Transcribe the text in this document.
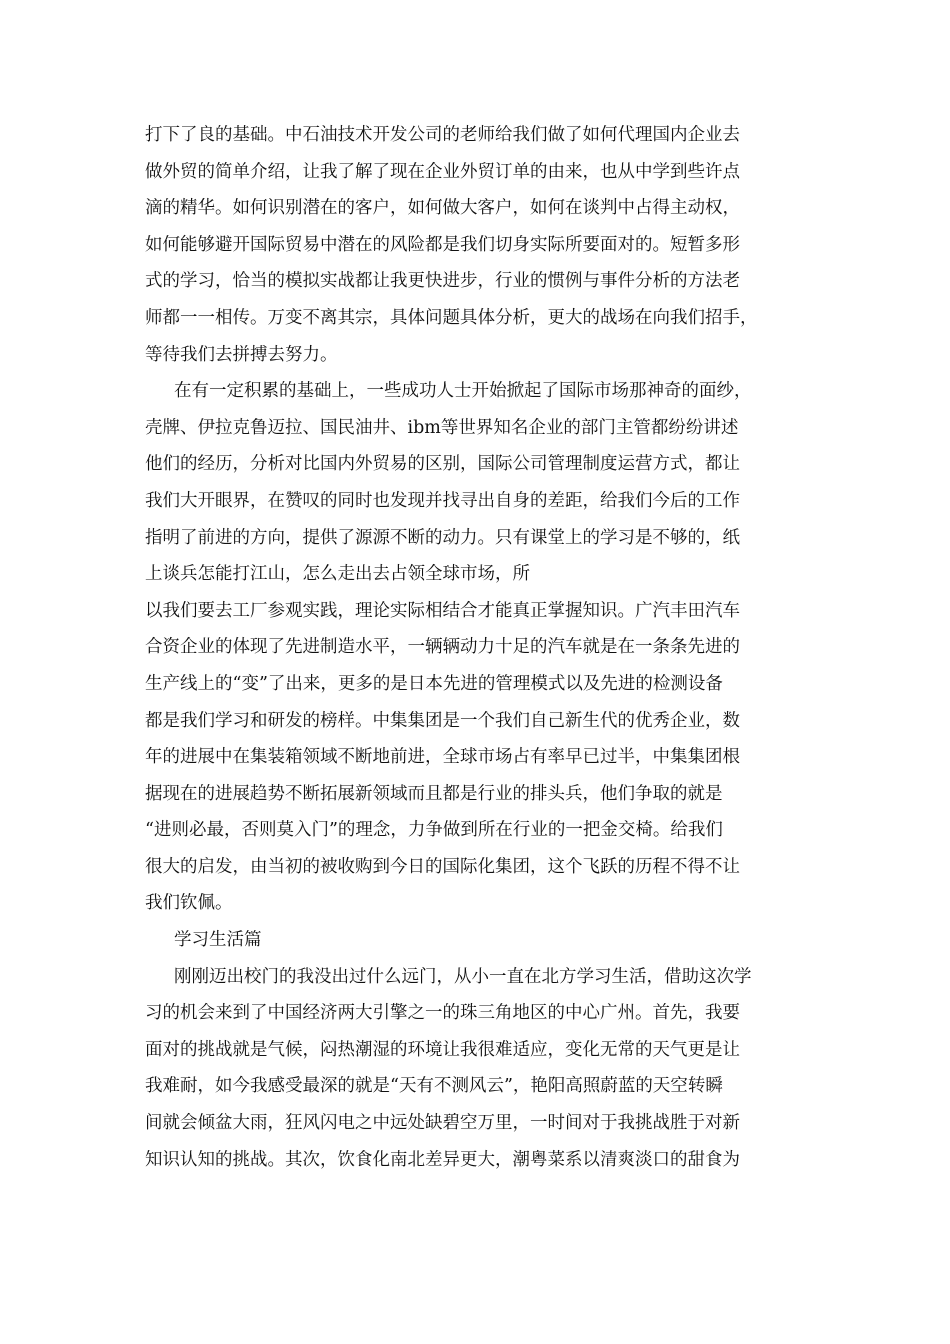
打下了良的基础。中石油技术开发公司的老师给我们做了如何代理国内企业去
做外贸的简单介绍，让我了解了现在企业外贸订单的由来，也从中学到些许点
滴的精华。如何识别潜在的客户，如何做大客户，如何在谈判中占得主动权，
如何能够避开国际贸易中潜在的风险都是我们切身实际所要面对的。短暂多形
式的学习，恰当的模拟实战都让我更快进步，行业的惯例与事件分析的方法老
师都一一相传。万变不离其宗，具体问题具体分析，更大的战场在向我们招手，
等待我们去拼搏去努力。
在有一定积累的基础上，一些成功人士开始掀起了国际市场那神奇的面纱，
壳牌、伊拉克鲁迈拉、国民油井、ibm等世界知名企业的部门主管都纷纷讲述
他们的经历，分析对比国内外贸易的区别，国际公司管理制度运营方式，都让
我们大开眼界，在赞叹的同时也发现并找寻出自身的差距，给我们今后的工作
指明了前进的方向，提供了源源不断的动力。只有课堂上的学习是不够的，纸
上谈兵怎能打江山，怎么走出去占领全球市场，所
以我们要去工厂参观实践，理论实际相结合才能真正掌握知识。广汽丰田汽车
合资企业的体现了先进制造水平，一辆辆动力十足的汽车就是在一条条先进的
生产线上的“变”了出来，更多的是日本先进的管理模式以及先进的检测设备
都是我们学习和研发的榜样。中集集团是一个我们自己新生代的优秀企业，数
年的进展中在集装箱领域不断地前进，全球市场占有率早已过半，中集集团根
据现在的进展趋势不断拓展新领域而且都是行业的排头兵，他们争取的就是
“进则必最，否则莫入门”的理念，力争做到所在行业的一把金交椅。给我们
很大的启发，由当初的被收购到今日的国际化集团，这个飞跃的历程不得不让
我们钦佩。
学习生活篇
刚刚迈出校门的我没出过什么远门，从小一直在北方学习生活，借助这次学
习的机会来到了中国经济两大引擎之一的珠三角地区的中心广州。首先，我要
面对的挑战就是气候，闷热潮湿的环境让我很难适应，变化无常的天气更是让
我难耐，如今我感受最深的就是“天有不测风云”，艳阳高照蔚蓝的天空转瞬
间就会倾盆大雨，狂风闪电之中远处缺碧空万里，一时间对于我挑战胜于对新
知识认知的挑战。其次，饮食化南北差异更大，潮粤菜系以清爽淡口的甜食为
